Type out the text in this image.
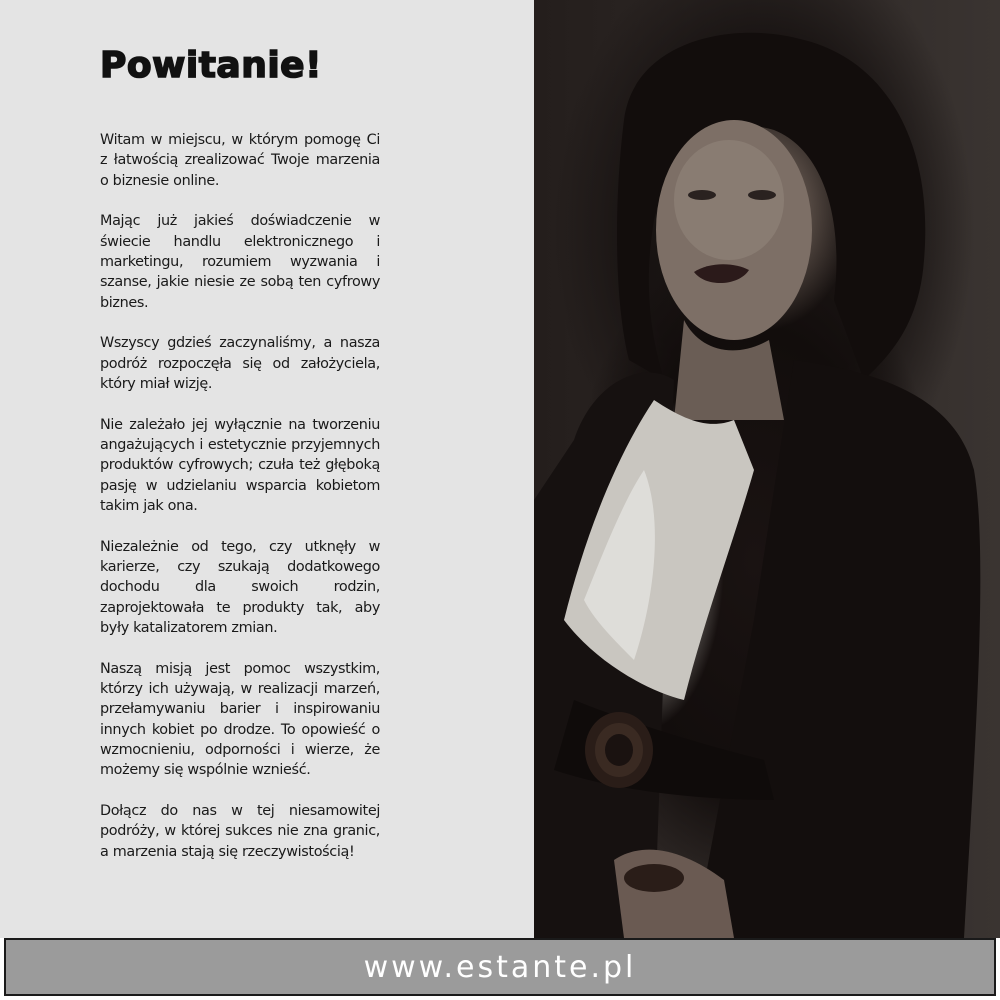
Powitanie!

Witam w miejscu, w którym pomogę Ci z łatwością zrealizować Twoje marzenia o biznesie online.

Mając już jakieś doświadczenie w świecie handlu elektronicznego i marketingu, rozumiem wyzwania i szanse, jakie niesie ze sobą ten cyfrowy biznes.

Wszyscy gdzieś zaczynaliśmy, a nasza podróż rozpoczęła się od założyciela, który miał wizję.

Nie zależało jej wyłącznie na tworzeniu angażujących i estetycznie przyjemnych produktów cyfrowych; czuła też głęboką pasję w udzielaniu wsparcia kobietom takim jak ona.

Niezależnie od tego, czy utknęły w karierze, czy szukają dodatkowego dochodu dla swoich rodzin, zaprojektowała te produkty tak, aby były katalizatorem zmian.

Naszą misją jest pomoc wszystkim, którzy ich używają, w realizacji marzeń, przełamywaniu barier i inspirowaniu innych kobiet po drodze. To opowieść o wzmocnieniu, odporności i wierze, że możemy się wspólnie wznieść.

Dołącz do nas w tej niesamowitej podróży, w której sukces nie zna granic, a marzenia stają się rzeczywistością!

www.estante.pl
